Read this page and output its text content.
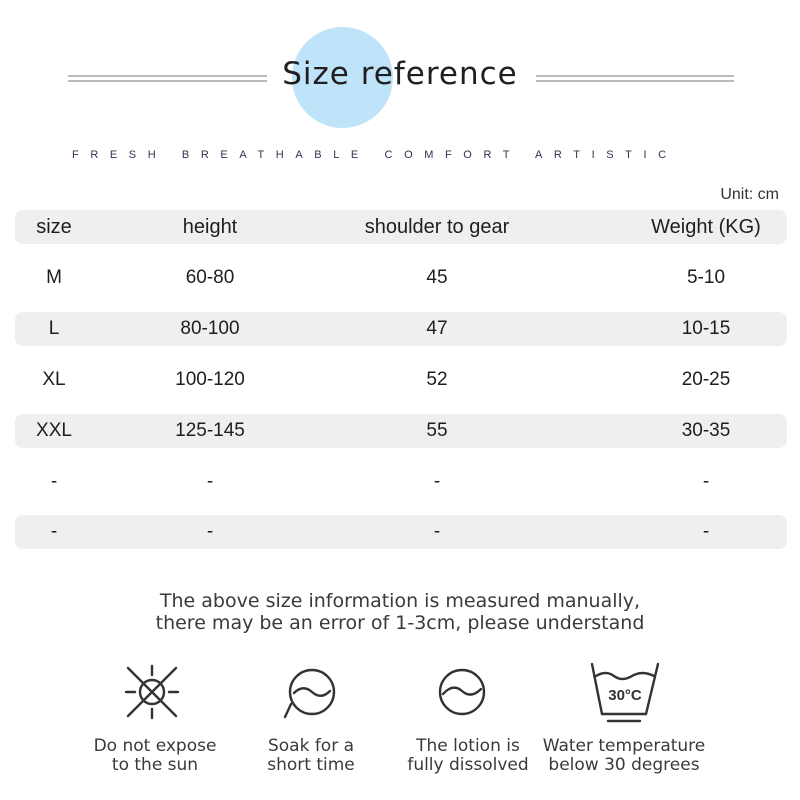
Size reference
FRESH BREATHABLE COMFORT ARTISTIC
Unit: cm
size	height	shoulder to gear	Weight (KG)
M	60-80	45	5-10
L	80-100	47	10-15
XL	100-120	52	20-25
XXL	125-145	55	30-35
-	-	-	-
-	-	-	-
The above size information is measured manually,
there may be an error of 1-3cm, please understand
30°C
Do not expose
to the sun
Soak for a
short time
The lotion is
fully dissolved
Water temperature
below 30 degrees
